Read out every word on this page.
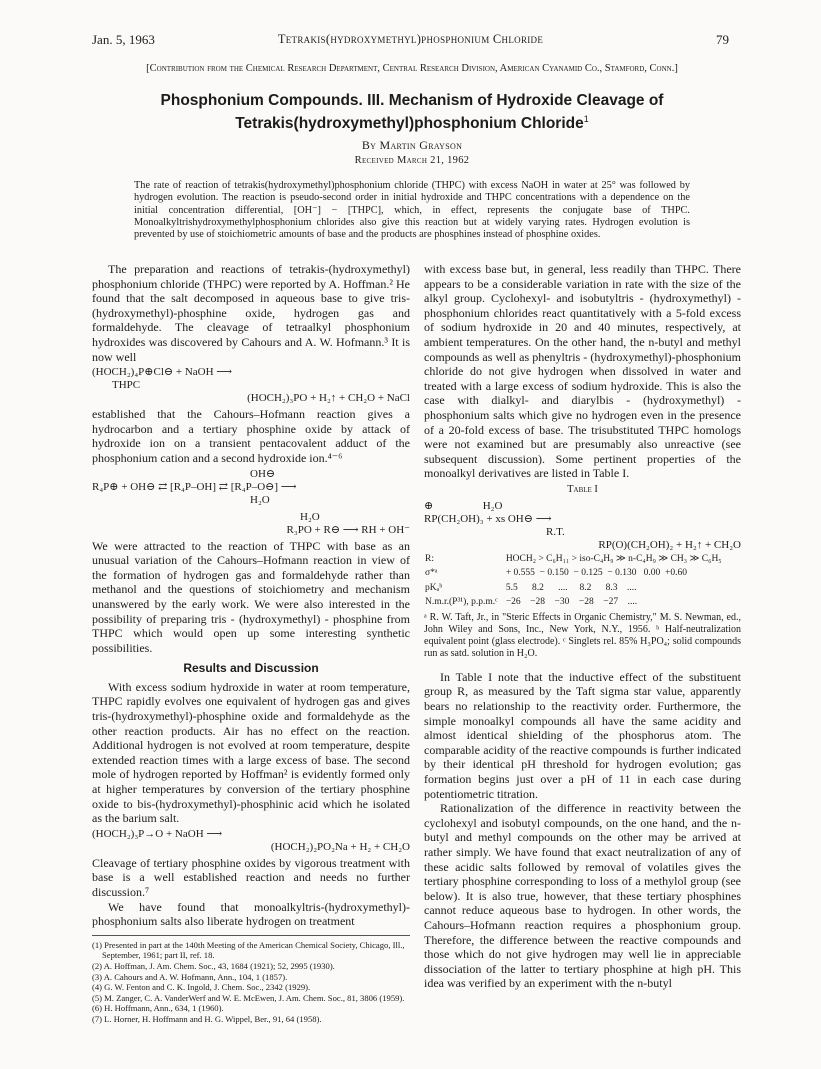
Jan. 5, 1963	Tetrakis(hydroxymethyl)phosphonium Chloride	79
[Contribution from the Chemical Research Department, Central Research Division, American Cyanamid Co., Stamford, Conn.]
Phosphonium Compounds. III. Mechanism of Hydroxide Cleavage of
Tetrakis(hydroxymethyl)phosphonium Chloride$^1$
By Martin Grayson
Received March 21, 1962
The rate of reaction of tetrakis(hydroxymethyl)phosphonium chloride (THPC) with excess NaOH in water at 25° was followed by hydrogen evolution. The reaction is pseudo-second order in initial hydroxide and THPC concentrations with a dependence on the initial concentration differential, [OH⁻] − [THPC], which, in effect, represents the conjugate base of THPC. Monoalkyltrishydroxymethylphosphonium chlorides also give this reaction but at widely varying rates. Hydrogen evolution is prevented by use of stoichiometric amounts of base and the products are phosphines instead of phosphine oxides.

The preparation and reactions of tetrakis-(hydroxymethyl) phosphonium chloride (THPC) were reported by A. Hoffman.² He found that the salt decomposed in aqueous base to give tris-(hydroxymethyl)-phosphine oxide, hydrogen gas and formaldehyde. The cleavage of tetraalkyl phosphonium hydroxides was discovered by Cahours and A. W. Hofmann.³ It is now well

(HOCH₂)₄P⊕Cl⊖ + NaOH ⟶
THPC
(HOCH₂)₃PO + H₂↑ + CH₂O + NaCl

established that the Cahours–Hofmann reaction gives a hydrocarbon and a tertiary phosphine oxide by attack of hydroxide ion on a transient pentacovalent adduct of the phosphonium cation and a second hydroxide ion.⁴⁻⁶

OH⊖
R₄P⊕ + OH⊖ ⇄ [R₄P–OH] ⇄ [R₄P–O⊖] ⟶
H₂O
H₂O
R₃PO + R⊖ ⟶ RH + OH⁻

We were attracted to the reaction of THPC with base as an unusual variation of the Cahours–Hofmann reaction in view of the formation of hydrogen gas and formaldehyde rather than methanol and the questions of stoichiometry and mechanism unanswered by the early work. We were also interested in the possibility of preparing tris - (hydroxymethyl) - phosphine from THPC which would open up some interesting synthetic possibilities.

Results and Discussion

With excess sodium hydroxide in water at room temperature, THPC rapidly evolves one equivalent of hydrogen gas and gives tris-(hydroxymethyl)-phosphine oxide and formaldehyde as the other reaction products. Air has no effect on the reaction. Additional hydrogen is not evolved at room temperature, despite extended reaction times with a large excess of base. The second mole of hydrogen reported by Hoffman² is evidently formed only at higher temperatures by conversion of the tertiary phosphine oxide to bis-(hydroxymethyl)-phosphinic acid which he isolated as the barium salt.

(HOCH₂)₃P→O + NaOH ⟶
(HOCH₂)₂PO₂Na + H₂ + CH₂O

Cleavage of tertiary phosphine oxides by vigorous treatment with base is a well established reaction and needs no further discussion.⁷

We have found that monoalkyltris-(hydroxymethyl)-phosphonium salts also liberate hydrogen on treatment

(1) Presented in part at the 140th Meeting of the American Chemical Society, Chicago, Ill., September, 1961; part II, ref. 18.
(2) A. Hoffman, J. Am. Chem. Soc., 43, 1684 (1921); 52, 2995 (1930).
(3) A. Cahours and A. W. Hofmann, Ann., 104, 1 (1857).
(4) G. W. Fenton and C. K. Ingold, J. Chem. Soc., 2342 (1929).
(5) M. Zanger, C. A. VanderWerf and W. E. McEwen, J. Am. Chem. Soc., 81, 3806 (1959).
(6) H. Hoffmann, Ann., 634, 1 (1960).
(7) L. Horner, H. Hoffmann and H. G. Wippel, Ber., 91, 64 (1958).

with excess base but, in general, less readily than THPC. There appears to be a considerable variation in rate with the size of the alkyl group. Cyclohexyl- and isobutyltris - (hydroxymethyl) - phosphonium chlorides react quantitatively with a 5-fold excess of sodium hydroxide in 20 and 40 minutes, respectively, at ambient temperatures. On the other hand, the n-butyl and methyl compounds as well as phenyltris - (hydroxymethyl)-phosphonium chloride do not give hydrogen when dissolved in water and treated with a large excess of sodium hydroxide. This is also the case with dialkyl- and diarylbis - (hydroxymethyl) - phosphonium salts which give no hydrogen even in the presence of a 20-fold excess of base. The trisubstituted THPC homologs were not examined but are presumably also unreactive (see subsequent discussion). Some pertinent properties of the monoalkyl derivatives are listed in Table I.

Table I
⊕                  H₂O
RP(CH₂OH)₃ + xs OH⊖ ⟶
R.T.
RP(O)(CH₂OH)₂ + H₂↑ + CH₂O
R:	HOCH₂ > C₆H₁₁ > iso-C₄H₉ ≫ n-C₄H₉ ≫ CH₃ ≫ C₆H₅
σ*ᵃ	+ 0.555  − 0.150  − 0.125  − 0.130   0.00  +0.60
pKₐᵇ	5.5      8.2      ....     8.2      8.3    ....
N.m.r.(P³¹), p.p.m.ᶜ	−26    −28    −30    −28    −27    ....
ᵃ R. W. Taft, Jr., in "Steric Effects in Organic Chemistry," M. S. Newman, ed., John Wiley and Sons, Inc., New York, N.Y., 1956. ᵇ Half-neutralization equivalent point (glass electrode). ᶜ Singlets rel. 85% H₃PO₄; solid compounds run as satd. solution in H₂O.

In Table I note that the inductive effect of the substituent group R, as measured by the Taft sigma star value, apparently bears no relationship to the reactivity order. Furthermore, the simple monoalkyl compounds all have the same acidity and almost identical shielding of the phosphorus atom. The comparable acidity of the reactive compounds is further indicated by their identical pH threshold for hydrogen evolution; gas formation begins just over a pH of 11 in each case during potentiometric titration.

Rationalization of the difference in reactivity between the cyclohexyl and isobutyl compounds, on the one hand, and the n-butyl and methyl compounds on the other may be arrived at rather simply. We have found that exact neutralization of any of these acidic salts followed by removal of volatiles gives the tertiary phosphine corresponding to loss of a methylol group (see below). It is also true, however, that these tertiary phosphines cannot reduce aqueous base to hydrogen. In other words, the Cahours–Hofmann reaction requires a phosphonium group. Therefore, the difference between the reactive compounds and those which do not give hydrogen may well lie in appreciable dissociation of the latter to tertiary phosphine at high pH. This idea was verified by an experiment with the n-butyl
